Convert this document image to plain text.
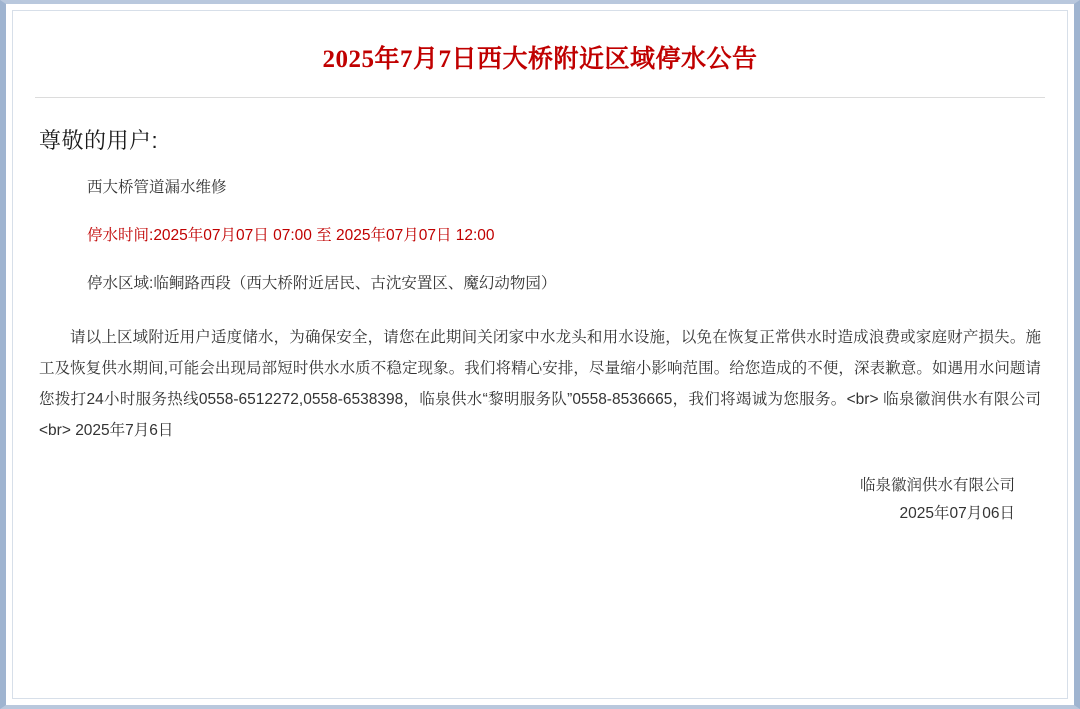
2025年7月7日西大桥附近区域停水公告
尊敬的用户:

西大桥管道漏水维修

停水时间:2025年07月07日 07:00 至 2025年07月07日 12:00

停水区域:临鲖路西段（西大桥附近居民、古沈安置区、魔幻动物园）

请以上区域附近用户适度储水，为确保安全，请您在此期间关闭家中水龙头和用水设施，以免在恢复正常供水时造成浪费或家庭财产损失。施工及恢复供水期间,可能会出现局部短时供水水质不稳定现象。我们将精心安排，尽量缩小影响范围。给您造成的不便，深表歉意。如遇用水问题请您拨打24小时服务热线0558-6512272,0558-6538398，临泉供水“黎明服务队”0558-8536665，我们将竭诚为您服务。<br> 临泉徽润供水有限公司<br> 2025年7月6日

临泉徽润供水有限公司
2025年07月06日
